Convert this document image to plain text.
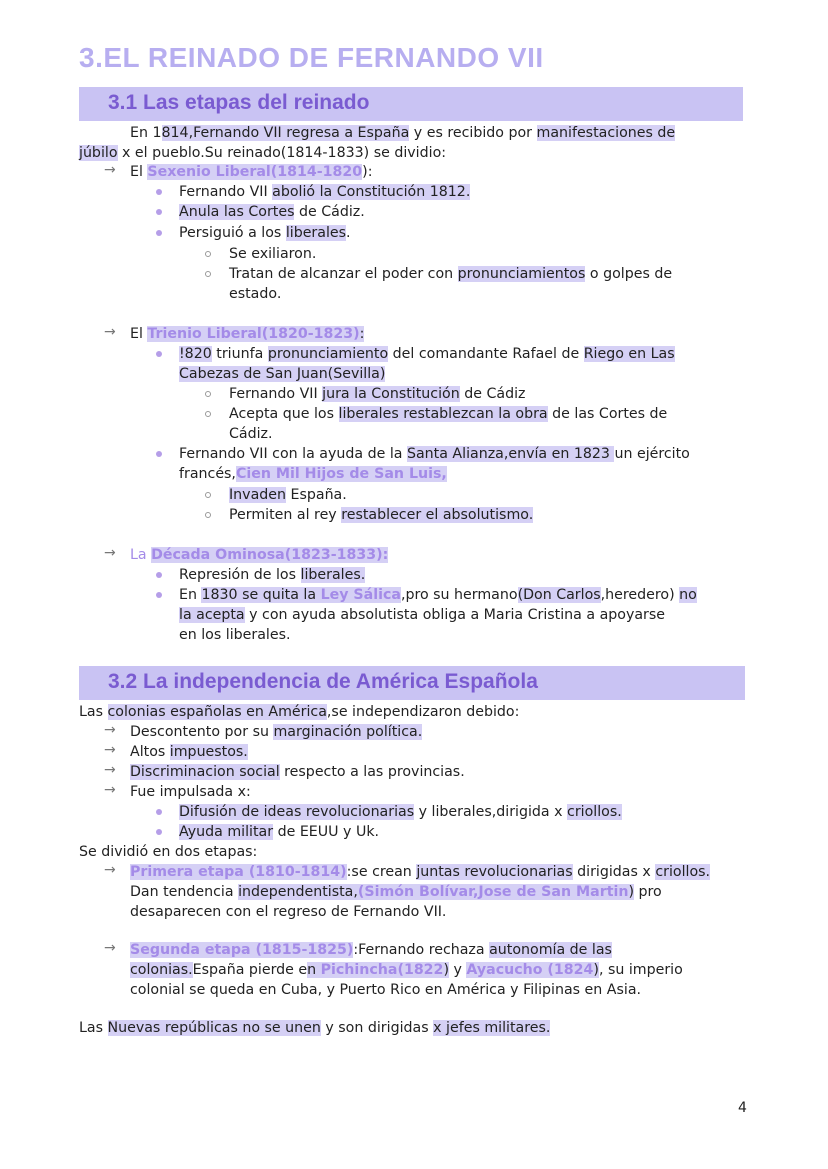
3.EL REINADO DE FERNANDO VII
3.1 Las etapas del reinado
En 1814,Fernando VII regresa a España y es recibido por manifestaciones de
júbilo x el pueblo.Su reinado(1814-1833) se dividio:
→ El Sexenio Liberal(1814-1820):
Fernando VII abolió la Constitución 1812.
Anula las Cortes de Cádiz.
Persiguió a los liberales.
Se exiliaron.
Tratan de alcanzar el poder con pronunciamientos o golpes de
estado.
→ El Trienio Liberal(1820-1823):
!820 triunfa pronunciamiento del comandante Rafael de Riego en Las
Cabezas de San Juan(Sevilla)
Fernando VII jura la Constitución de Cádiz
Acepta que los liberales restablezcan la obra de las Cortes de
Cádiz.
Fernando VII con la ayuda de la Santa Alianza,envía en 1823 un ejército
francés,Cien Mil Hijos de San Luis,
Invaden España.
Permiten al rey restablecer el absolutismo.
→ La Década Ominosa(1823-1833):
Represión de los liberales.
En 1830 se quita la Ley Sálica,pro su hermano(Don Carlos,heredero) no
la acepta y con ayuda absolutista obliga a Maria Cristina a apoyarse
en los liberales.
3.2 La independencia de América Española
Las colonias españolas en América,se independizaron debido:
→ Descontento por su marginación política.
→ Altos impuestos.
→ Discriminacion social respecto a las provincias.
→ Fue impulsada x:
Difusión de ideas revolucionarias y liberales,dirigida x criollos.
Ayuda militar de EEUU y Uk.
Se dividió en dos etapas:
→ Primera etapa (1810-1814):se crean juntas revolucionarias dirigidas x criollos.
Dan tendencia independentista,(Simón Bolívar,Jose de San Martin) pro
desaparecen con el regreso de Fernando VII.
→ Segunda etapa (1815-1825):Fernando rechaza autonomía de las
colonias.España pierde en Pichincha(1822) y Ayacucho (1824), su imperio
colonial se queda en Cuba, y Puerto Rico en América y Filipinas en Asia.
Las Nuevas repúblicas no se unen y son dirigidas x jefes militares.
4
